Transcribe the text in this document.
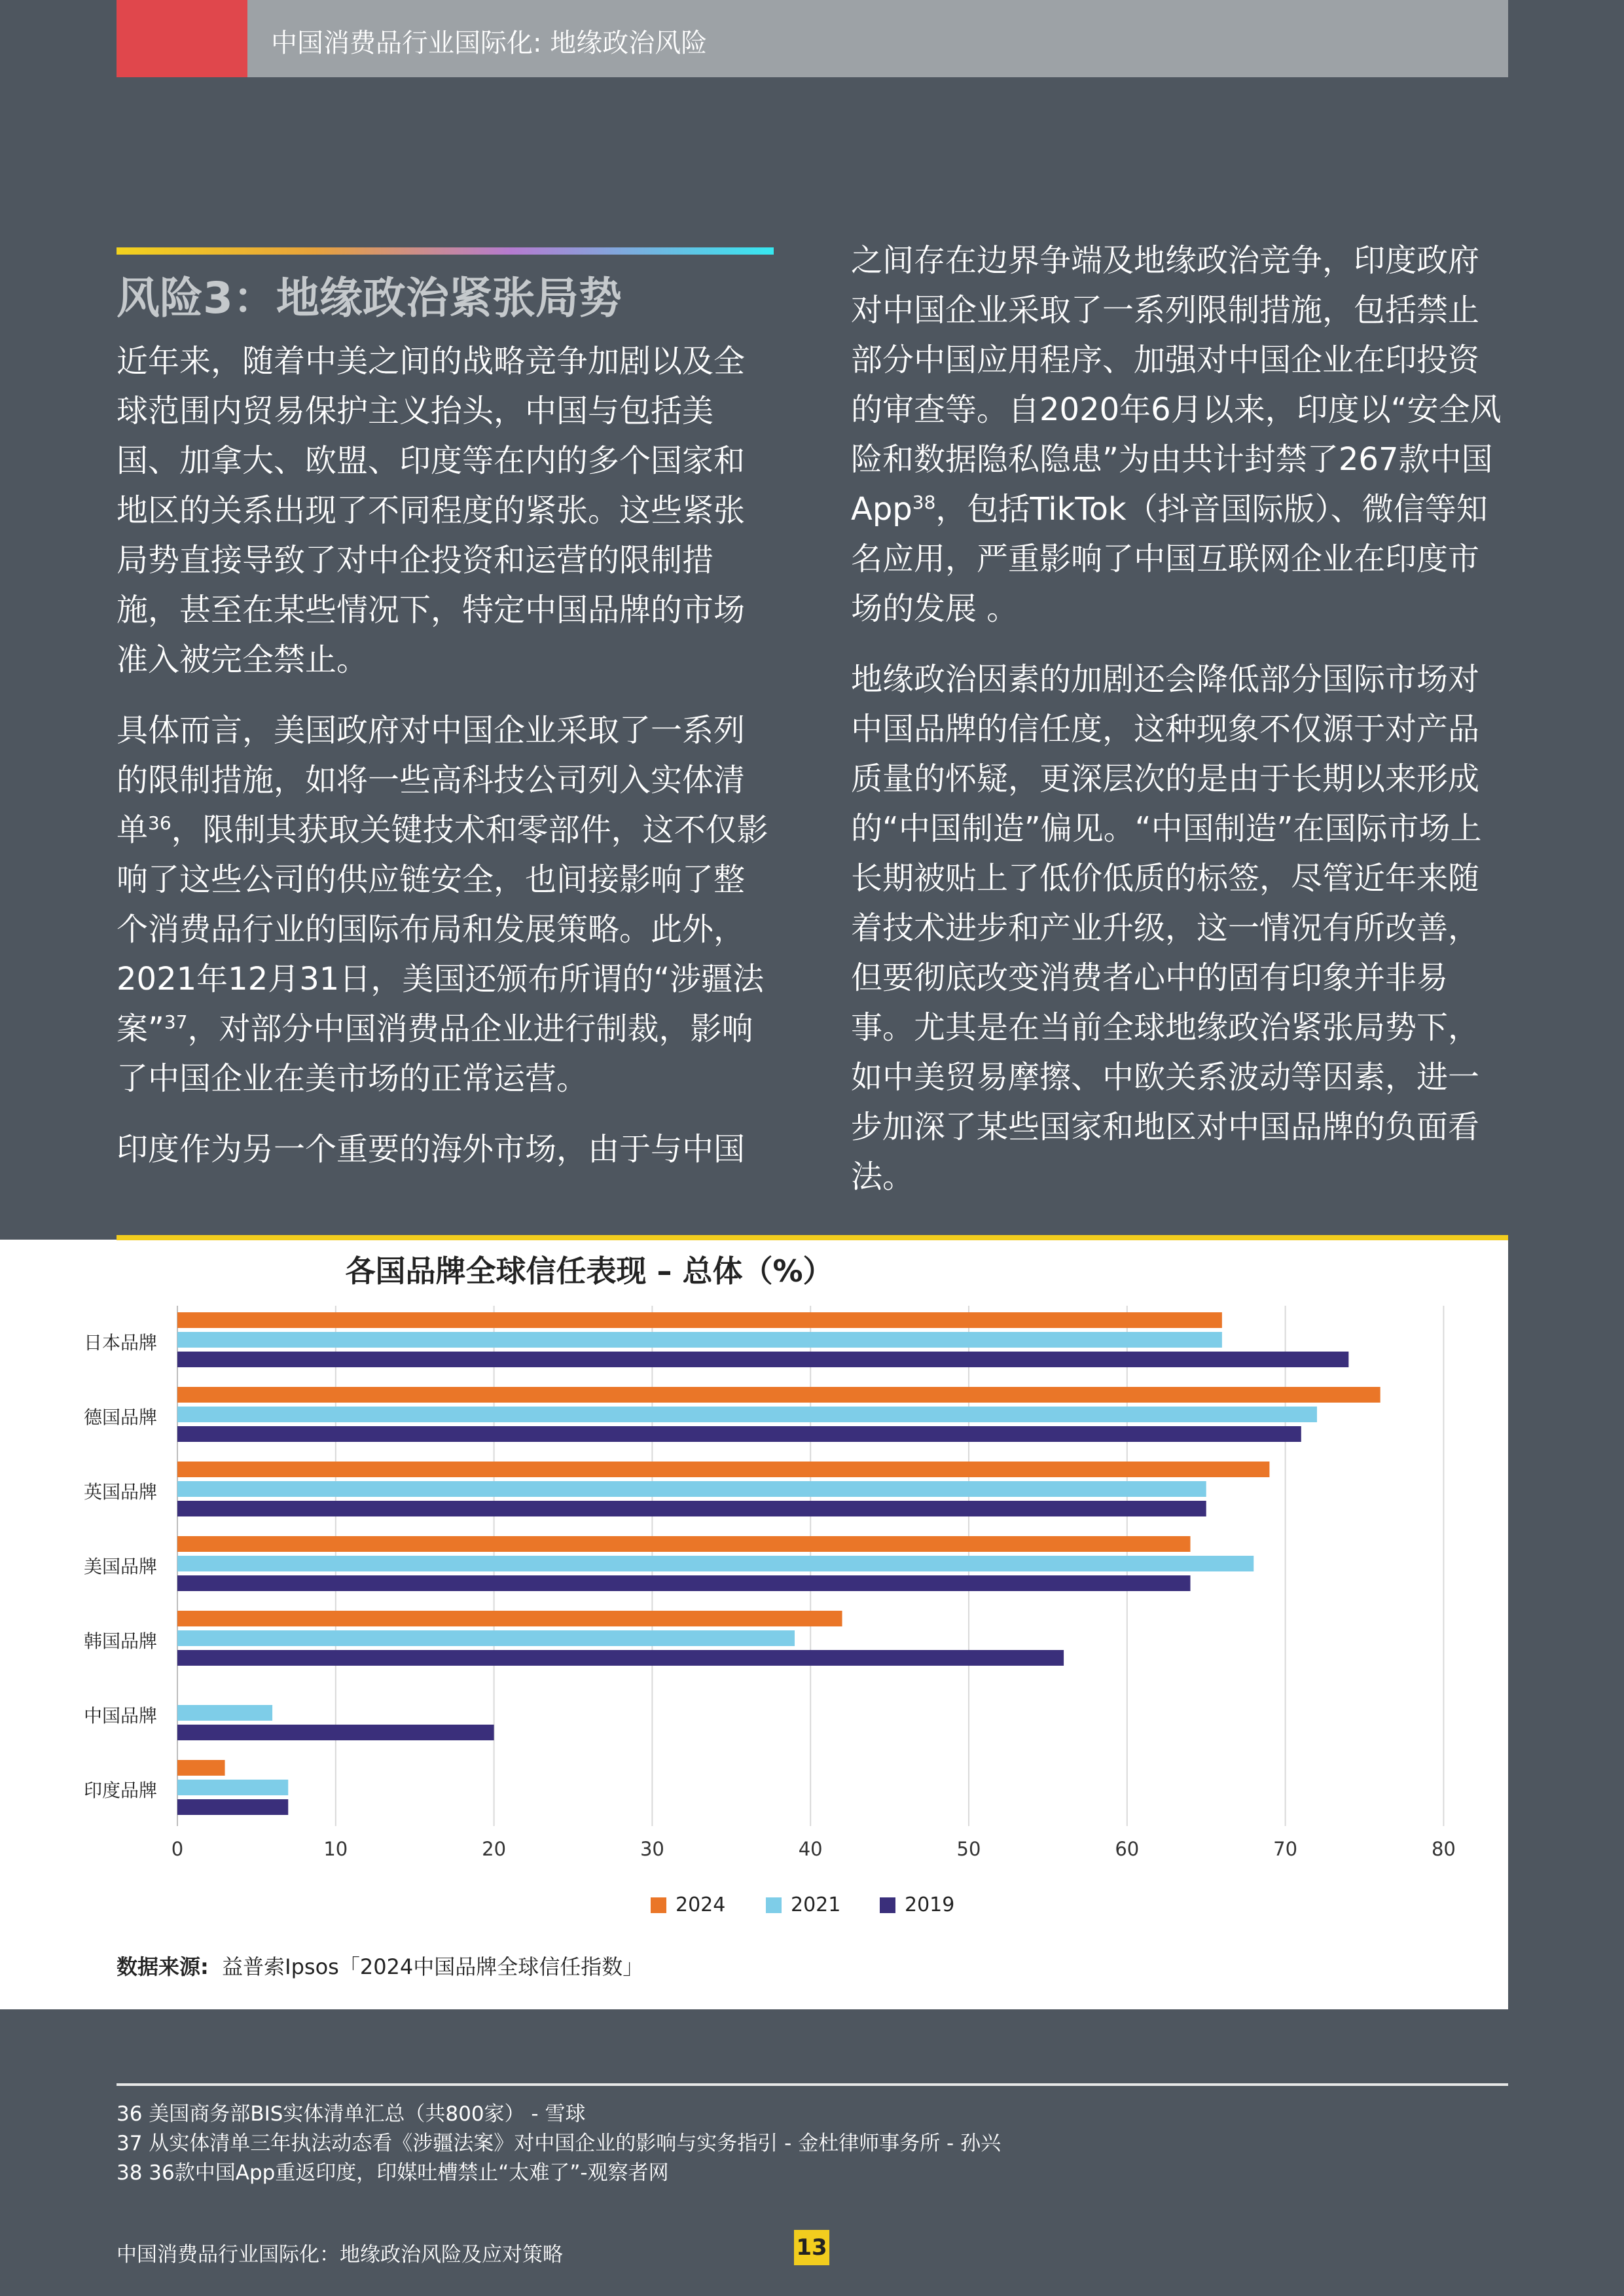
中国消费品行业国际化: 地缘政治风险
风险3：地缘政治紧张局势

近年来，随着中美之间的战略竞争加剧以及全球范围内贸易保护主义抬头，中国与包括美国、加拿大、欧盟、印度等在内的多个国家和地区的关系出现了不同程度的紧张。这些紧张局势直接导致了对中企投资和运营的限制措施，甚至在某些情况下，特定中国品牌的市场准入被完全禁止。

具体而言，美国政府对中国企业采取了一系列的限制措施，如将一些高科技公司列入实体清单$^{36}$，限制其获取关键技术和零部件，这不仅影响了这些公司的供应链安全，也间接影响了整个消费品行业的国际布局和发展策略。此外，2021年12月31日，美国还颁布所谓的“涉疆法案”$^{37}$，对部分中国消费品企业进行制裁，影响了中国企业在美市场的正常运营。

印度作为另一个重要的海外市场，由于与中国

之间存在边界争端及地缘政治竞争，印度政府对中国企业采取了一系列限制措施，包括禁止部分中国应用程序、加强对中国企业在印投资的审查等。自2020年6月以来，印度以“安全风险和数据隐私隐患”为由共计封禁了267款中国App$^{38}$，包括TikTok（抖音国际版）、微信等知名应用，严重影响了中国互联网企业在印度市场的发展 。

地缘政治因素的加剧还会降低部分国际市场对中国品牌的信任度，这种现象不仅源于对产品质量的怀疑，更深层次的是由于长期以来形成的“中国制造”偏见。“中国制造”在国际市场上长期被贴上了低价低质的标签，尽管近年来随着技术进步和产业升级，这一情况有所改善，但要彻底改变消费者心中的固有印象并非易事。尤其是在当前全球地缘政治紧张局势下，如中美贸易摩擦、中欧关系波动等因素，进一步加深了某些国家和地区对中国品牌的负面看法。

各国品牌全球信任表现 – 总体（%）
日本品牌
德国品牌
英国品牌
美国品牌
韩国品牌
中国品牌
印度品牌
0	10	20	30	40	50	60	70	80
2024	2021	2019
数据来源: 益普索Ipsos「2024中国品牌全球信任指数」
36 美国商务部BIS实体清单汇总（共800家） - 雪球
37 从实体清单三年执法动态看《涉疆法案》对中国企业的影响与实务指引 - 金杜律师事务所 - 孙兴
38 36款中国App重返印度，印媒吐槽禁止“太难了”-观察者网
中国消费品行业国际化：地缘政治风险及应对策略	13
